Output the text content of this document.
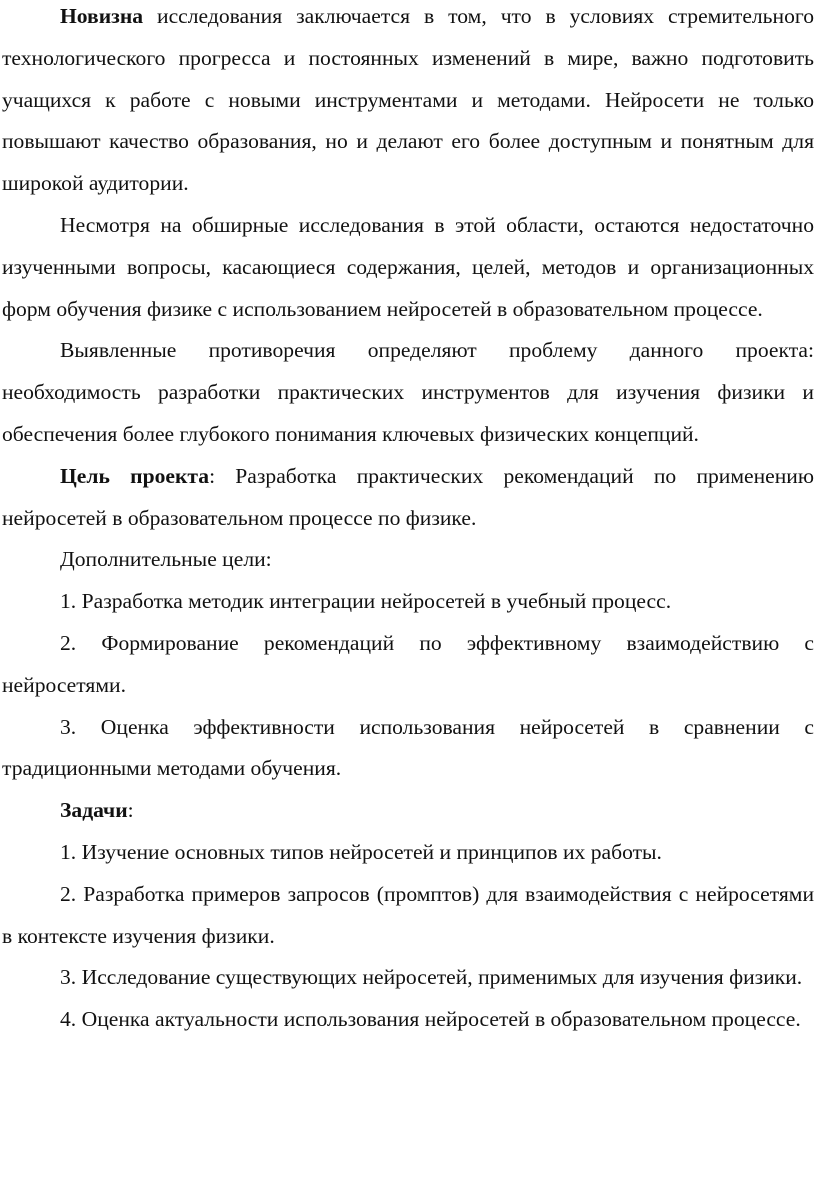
Новизна исследования заключается в том, что в условиях стремительного технологического прогресса и постоянных изменений в мире, важно подготовить учащихся к работе с новыми инструментами и методами. Нейросети не только повышают качество образования, но и делают его более доступным и понятным для широкой аудитории.

Несмотря на обширные исследования в этой области, остаются недостаточно изученными вопросы, касающиеся содержания, целей, методов и организационных форм обучения физике с использованием нейросетей в образовательном процессе.

Выявленные противоречия определяют проблему данного проекта: необходимость разработки практических инструментов для изучения физики и обеспечения более глубокого понимания ключевых физических концепций.

Цель проекта: Разработка практических рекомендаций по применению нейросетей в образовательном процессе по физике.

Дополнительные цели:

1. Разработка методик интеграции нейросетей в учебный процесс.

2. Формирование рекомендаций по эффективному взаимодействию с нейросетями.

3. Оценка эффективности использования нейросетей в сравнении с традиционными методами обучения.

Задачи:

1. Изучение основных типов нейросетей и принципов их работы.

2. Разработка примеров запросов (промптов) для взаимодействия с нейросетями в контексте изучения физики.

3. Исследование существующих нейросетей, применимых для изучения физики.

4. Оценка актуальности использования нейросетей в образовательном процессе.
